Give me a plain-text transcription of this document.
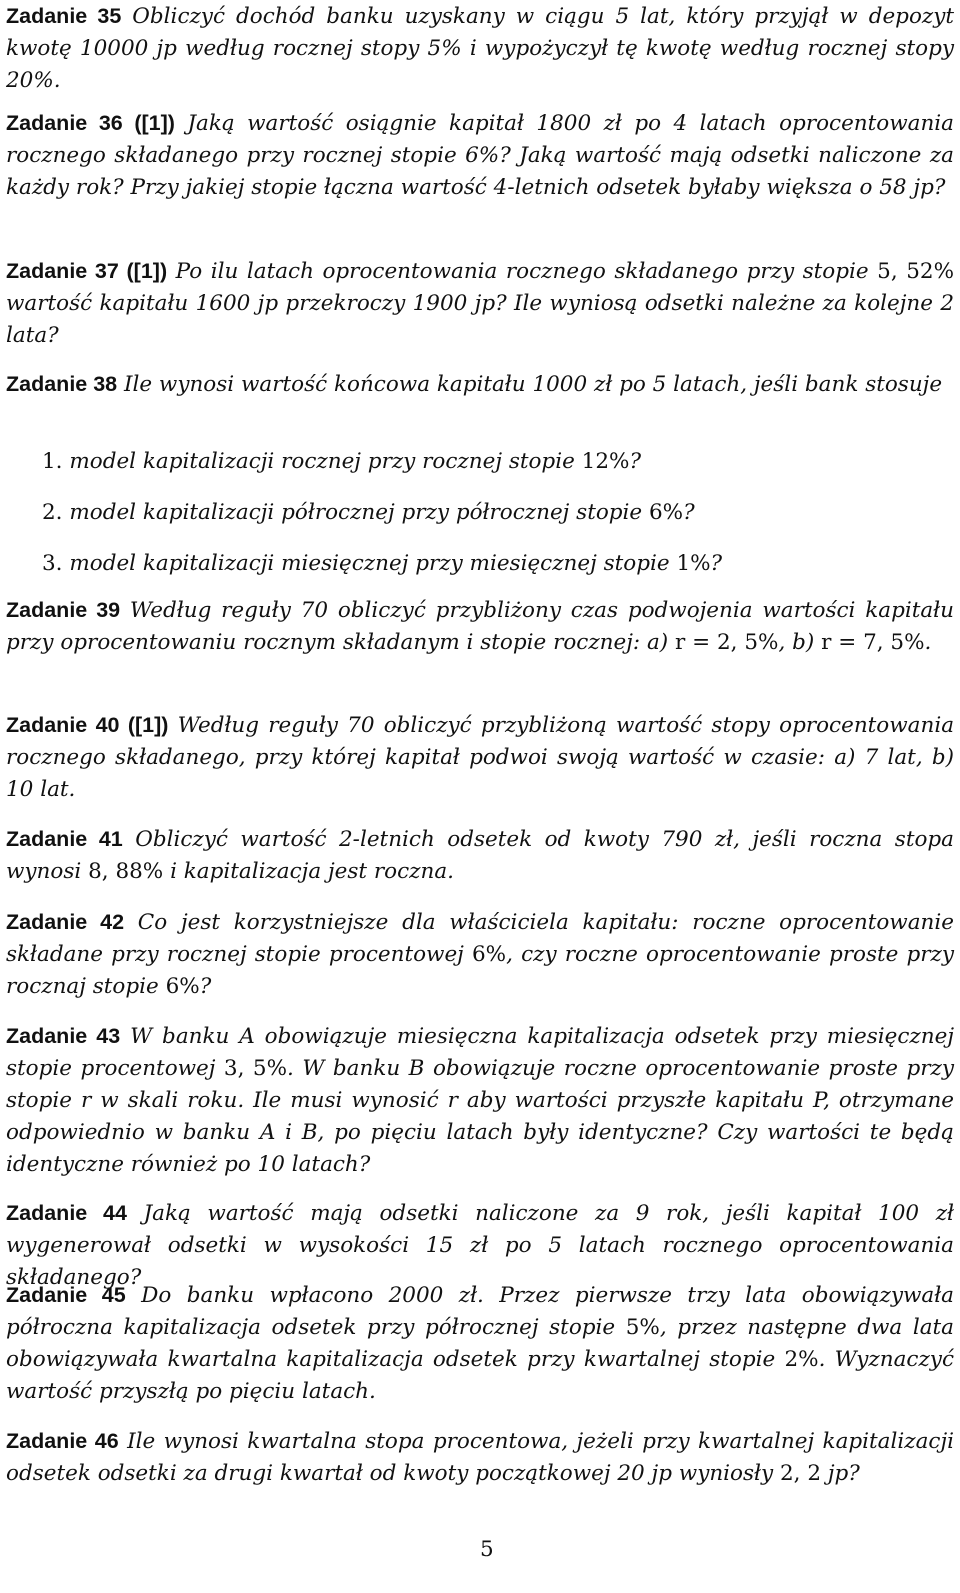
Zadanie 35 Obliczyć dochód banku uzyskany w ciągu 5 lat, który przyjął w depozyt kwotę 10000 jp według rocznej stopy 5% i wypożyczył tę kwotę według rocznej stopy 20%.
Zadanie 36 ([1]) Jaką wartość osiągnie kapitał 1800 zł po 4 latach oprocentowania rocznego składanego przy rocznej stopie 6%? Jaką wartość mają odsetki naliczone za każdy rok? Przy jakiej stopie łączna wartość 4-letnich odsetek byłaby większa o 58 jp?
Zadanie 37 ([1]) Po ilu latach oprocentowania rocznego składanego przy stopie 5, 52% wartość kapitału 1600 jp przekroczy 1900 jp? Ile wyniosą odsetki należne za kolejne 2 lata?
Zadanie 38 Ile wynosi wartość końcowa kapitału 1000 zł po 5 latach, jeśli bank stosuje
1. model kapitalizacji rocznej przy rocznej stopie 12%?
2. model kapitalizacji półrocznej przy półrocznej stopie 6%?
3. model kapitalizacji miesięcznej przy miesięcznej stopie 1%?
Zadanie 39 Według reguły 70 obliczyć przybliżony czas podwojenia wartości kapitału przy oprocentowaniu rocznym składanym i stopie rocznej: a) r = 2, 5%, b) r = 7, 5%.
Zadanie 40 ([1]) Według reguły 70 obliczyć przybliżoną wartość stopy oprocentowania rocznego składanego, przy której kapitał podwoi swoją wartość w czasie: a) 7 lat, b) 10 lat.
Zadanie 41 Obliczyć wartość 2-letnich odsetek od kwoty 790 zł, jeśli roczna stopa wynosi 8, 88% i kapitalizacja jest roczna.
Zadanie 42 Co jest korzystniejsze dla właściciela kapitału: roczne oprocentowanie składane przy rocznej stopie procentowej 6%, czy roczne oprocentowanie proste przy rocznaj stopie 6%?
Zadanie 43 W banku A obowiązuje miesięczna kapitalizacja odsetek przy miesięcznej stopie procentowej 3, 5%. W banku B obowiązuje roczne oprocentowanie proste przy stopie r w skali roku. Ile musi wynosić r aby wartości przyszłe kapitału P, otrzymane odpowiednio w banku A i B, po pięciu latach były identyczne? Czy wartości te będą identyczne również po 10 latach?
Zadanie 44 Jaką wartość mają odsetki naliczone za 9 rok, jeśli kapitał 100 zł wygenerował odsetki w wysokości 15 zł po 5 latach rocznego oprocentowania składanego?
Zadanie 45 Do banku wpłacono 2000 zł. Przez pierwsze trzy lata obowiązywała półroczna kapitalizacja odsetek przy półrocznej stopie 5%, przez następne dwa lata obowiązywała kwartalna kapitalizacja odsetek przy kwartalnej stopie 2%. Wyznaczyć wartość przyszłą po pięciu latach.
Zadanie 46 Ile wynosi kwartalna stopa procentowa, jeżeli przy kwartalnej kapitalizacji odsetek odsetki za drugi kwartał od kwoty początkowej 20 jp wyniosły 2, 2 jp?
5
